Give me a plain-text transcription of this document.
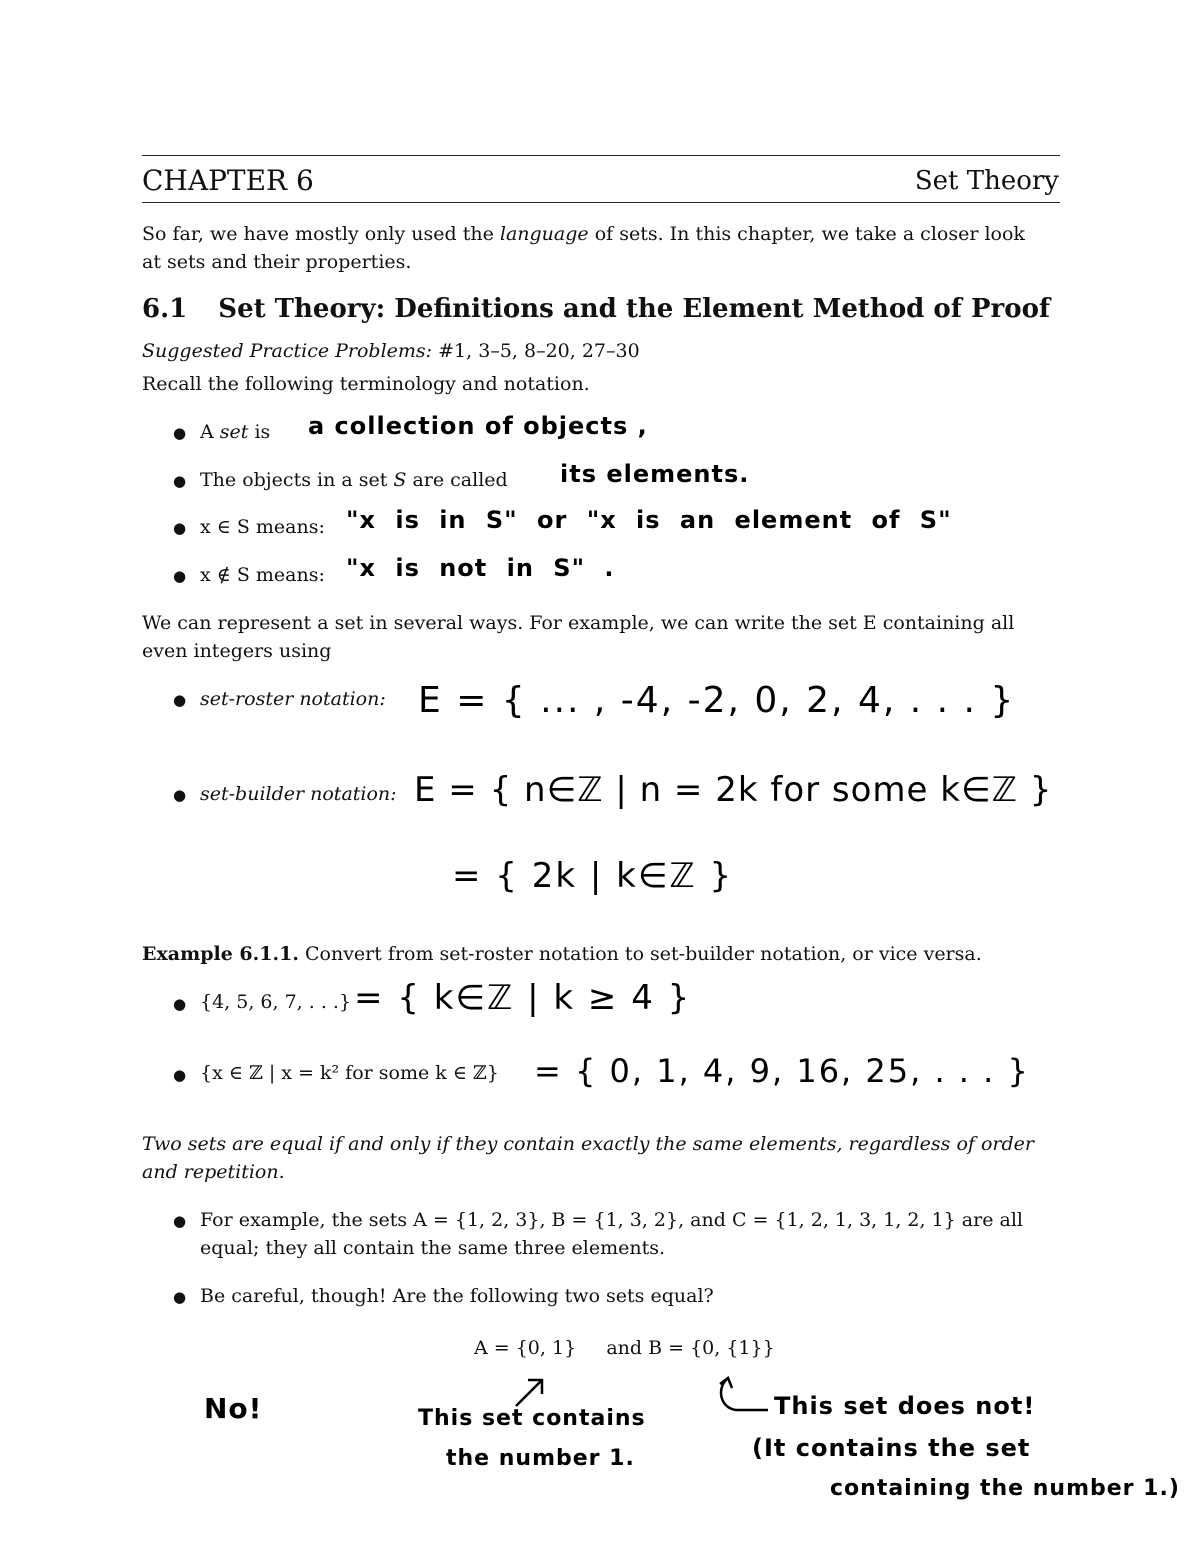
CHAPTER 6	Set Theory
So far, we have mostly only used the language of sets. In this chapter, we take a closer look
at sets and their properties.
6.1 Set Theory: Definitions and the Element Method of Proof
Suggested Practice Problems: #1, 3–5, 8–20, 27–30
Recall the following terminology and notation.
● A set is a collection of objects ,
● The objects in a set S are called its elements.
● x ∈ S means: "x is in S" or "x is an element of S"
● x ∉ S means: "x is not in S" .
We can represent a set in several ways. For example, we can write the set E containing all
even integers using
● set-roster notation: E = { ... , -4, -2, 0, 2, 4, . . . }
● set-builder notation: E = { n∈ℤ | n = 2k for some k∈ℤ }
= { 2k | k∈ℤ }
Example 6.1.1. Convert from set-roster notation to set-builder notation, or vice versa.
● {4, 5, 6, 7, . . .} = { k∈ℤ | k ≥ 4 }
● {x ∈ ℤ | x = k² for some k ∈ ℤ} = { 0, 1, 4, 9, 16, 25, . . . }
Two sets are equal if and only if they contain exactly the same elements, regardless of order
and repetition.
● For example, the sets A = {1, 2, 3}, B = {1, 3, 2}, and C = {1, 2, 1, 3, 1, 2, 1} are all
equal; they all contain the same three elements.
● Be careful, though! Are the following two sets equal?
A = {0, 1}     and B = {0, {1}}
No!	This set contains
the number 1.
This set does not!
(It contains the set
containing the number 1.)
